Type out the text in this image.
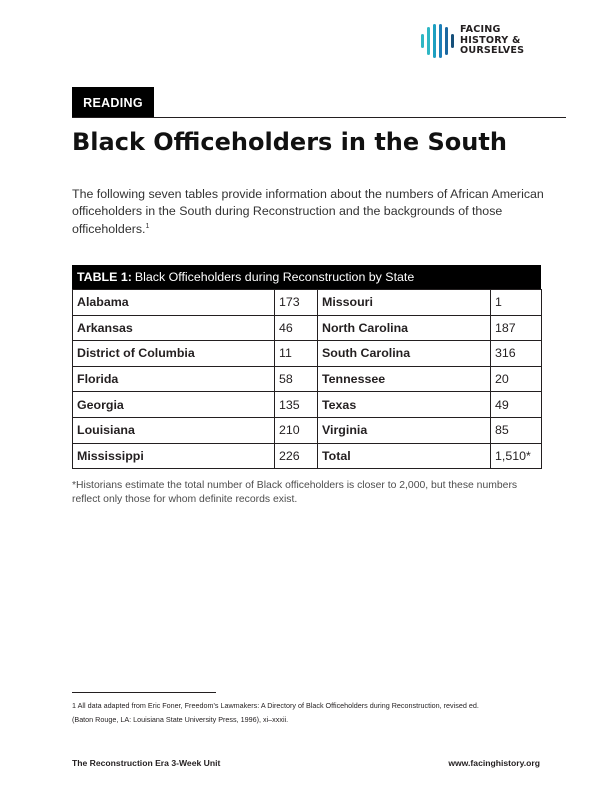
FACING
HISTORY &
OURSELVES
READING
Black Officeholders in the South

The following seven tables provide information about the numbers of African American officeholders in the South during Reconstruction and the backgrounds of those officeholders.$^1$

TABLE 1: Black Officeholders during Reconstruction by State
Alabama	173	Missouri	1
Arkansas	46	North Carolina	187
District of Columbia	11	South Carolina	316
Florida	58	Tennessee	20
Georgia	135	Texas	49
Louisiana	210	Virginia	85
Mississippi	226	Total	1,510*

*Historians estimate the total number of Black officeholders is closer to 2,000, but these numbers reflect only those for whom definite records exist.

1 All data adapted from Eric Foner, Freedom’s Lawmakers: A Directory of Black Officeholders during Reconstruction, revised ed.
(Baton Rouge, LA: Louisiana State University Press, 1996), xi–xxxii.
The Reconstruction Era 3-Week Unit	www.facinghistory.org
